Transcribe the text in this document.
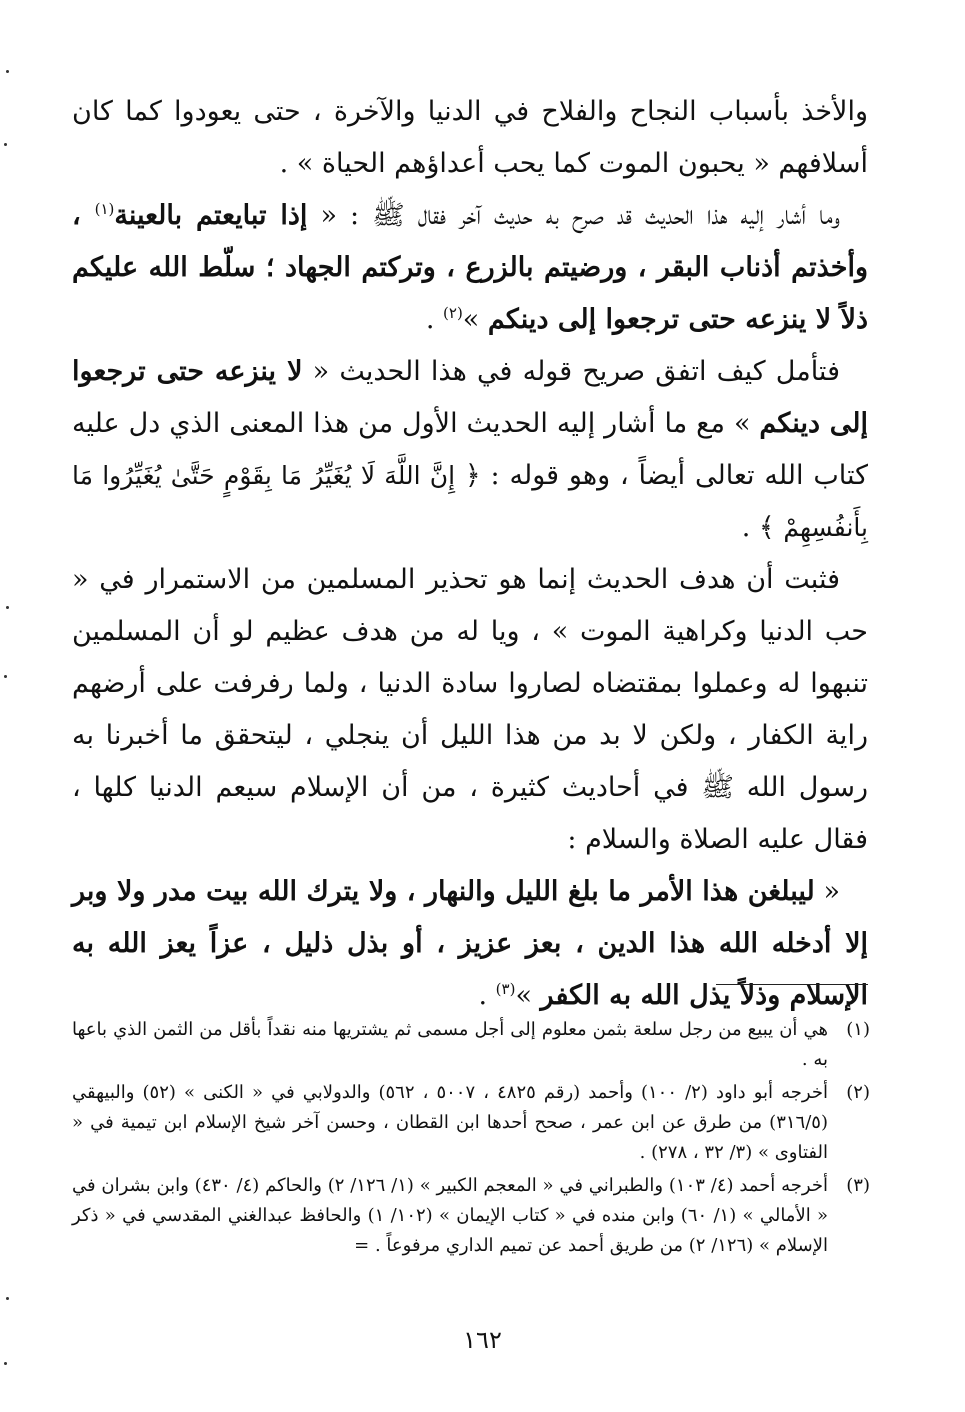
والأخذ بأسباب النجاح والفلاح في الدنيا والآخرة ، حتى يعودوا كما كان أسلافهم « يحبون الموت كما يحب أعداؤهم الحياة » .

وما أشار إليه هذا الحديث قد صرح به حديث آخر فقال ﷺ : « إذا تبايعتم بالعينة$^{(١)}$ ، وأخذتم أذناب البقر ، ورضيتم بالزرع ، وتركتم الجهاد ؛ سلّط الله عليكم ذلاً لا ينزعه حتى ترجعوا إلى دينكم »$^{(٢)}$ .

فتأمل كيف اتفق صريح قوله في هذا الحديث « لا ينزعه حتى ترجعوا إلى دينكم » مع ما أشار إليه الحديث الأول من هذا المعنى الذي دل عليه كتاب الله تعالى أيضاً ، وهو قوله : ﴿ إِنَّ اللَّهَ لَا يُغَيِّرُ مَا بِقَوْمٍ حَتَّىٰ يُغَيِّرُوا مَا بِأَنفُسِهِمْ ﴾ .

فثبت أن هدف الحديث إنما هو تحذير المسلمين من الاستمرار في « حب الدنيا وكراهية الموت » ، ويا له من هدف عظيم لو أن المسلمين تنبهوا له وعملوا بمقتضاه لصاروا سادة الدنيا ، ولما رفرفت على أرضهم راية الكفار ، ولكن لا بد من هذا الليل أن ينجلي ، ليتحقق ما أخبرنا به رسول الله ﷺ في أحاديث كثيرة ، من أن الإسلام سيعم الدنيا كلها ، فقال عليه الصلاة والسلام :

« ليبلغن هذا الأمر ما بلغ الليل والنهار ، ولا يترك الله بيت مدر ولا وبر إلا أدخله الله هذا الدين ، بعز عزيز ، أو بذل ذليل ، عزاً يعز الله به الإسلام وذلاً يذل الله به الكفر »$^{(٣)}$ .

(١)
هي أن يبيع من رجل سلعة بثمن معلوم إلى أجل مسمى ثم يشتريها منه نقداً بأقل من الثمن الذي باعها به .
(٢)
أخرجه أبو داود (٢/ ١٠٠) وأحمد (رقم ٤٨٢٥ ، ٥٠٠٧ ، ٥٦٢) والدولابي في « الكنى » (٥٢) والبيهقي (٣١٦/٥) من طرق عن ابن عمر ، صحح أحدها ابن القطان ، وحسن آخر شيخ الإسلام ابن تيمية في « الفتاوى » (٣/ ٣٢ ، ٢٧٨) .
(٣)
أخرجه أحمد (٤/ ١٠٣) والطبراني في « المعجم الكبير » (١/ ١٢٦/ ٢) والحاكم (٤/ ٤٣٠) وابن بشران في « الأمالي » (١/ ٦٠) وابن منده في « كتاب الإيمان » (١٠٢/ ١) والحافظ عبدالغني المقدسي في « ذكر الإسلام » (١٢٦/ ٢) من طريق أحمد عن تميم الداري مرفوعاً . =
١٦٢
